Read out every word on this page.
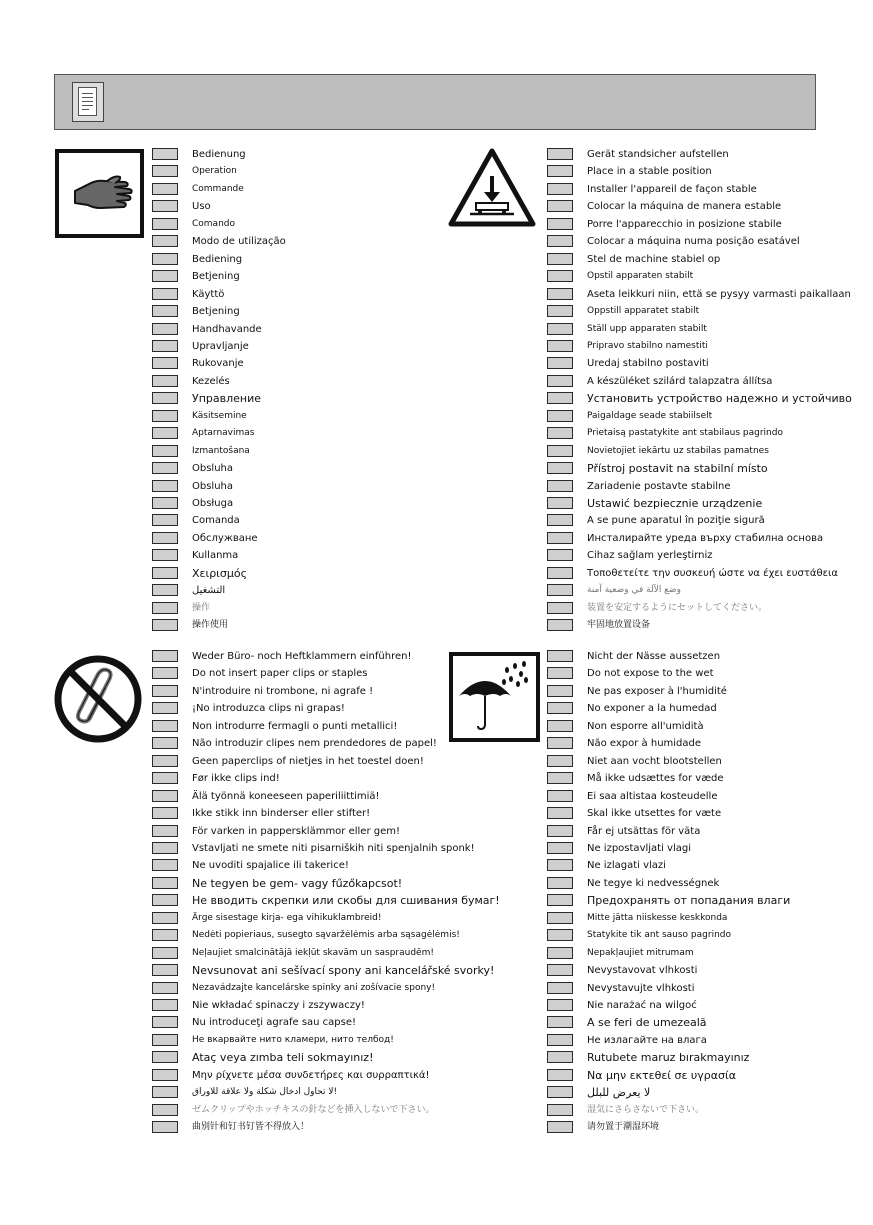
Bedienung
Operation
Commande
Uso
Comando
Modo de utilização
Bediening
Betjening
Käyttö
Betjening
Handhavande
Upravljanje
Rukovanje
Kezelés
Управление
Käsitsemine
Aptarnavimas
Izmantošana
Obsluha
Obsluha
Obsługa
Comanda
Обслужване
Kullanma
Χειρισμός
التشغيل
操作
操作使用
Gerät standsicher aufstellen
Place in a stable position
Installer l'appareil de façon stable
Colocar la máquina de manera estable
Porre l'apparecchio in posizione stabile
Colocar a máquina numa posição esatável
Stel de machine stabiel op
Opstil apparaten stabilt
Aseta leikkuri niin, että se pysyy varmasti paikallaan
Oppstill apparatet stabilt
Ställ upp apparaten stabilt
Pripravo stabilno namestiti
Uredaj stabilno postaviti
A készüléket szilárd talapzatra állítsa
Установить устройство надежно и устойчиво
Paigaldage seade stabiilselt
Prietaisą pastatykite ant stabilaus pagrindo
Novietojiet iekārtu uz stabilas pamatnes
Přístroj postavit na stabilní místo
Zariadenie postavte stabilne
Ustawić bezpiecznie urządzenie
A se pune aparatul în poziţie sigură
Инсталирайте уреда върху стабилна основа
Cihaz sağlam yerleştirniz
Τοποθετείτε την συσκευή ώστε να έχει ευστάθεια
وضع الآلة في وضعية آمنة
装置を安定するようにセットしてください。
牢固地放置设备
Weder Büro- noch Heftklammern einführen!
Do not insert paper clips or staples
N'introduire ni trombone, ni agrafe !
¡No introduzca clips ni grapas!
Non introdurre fermagli o punti metallici!
Não introduzir clipes nem prendedores de papel!
Geen paperclips of nietjes in het toestel doen!
Før ikke clips ind!
Älä työnnä koneeseen paperiliittimiä!
Ikke stikk inn binderser eller stifter!
För varken in pappersklämmor eller gem!
Vstavljati ne smete niti pisarniških niti spenjalnih sponk!
Ne uvoditi spajalice ili takerice!
Ne tegyen be gem- vagy fűzőkapcsot!
Не вводить скрепки или скобы для сшивания бумаг!
Ärge sisestage kirja- ega vihikuklambreid!
Nedėti popieriaus, susegto sąvaržėlėmis arba sąsagėlėmis!
Neļaujiet smalcinātājā iekļūt skavām un saspraudēm!
Nevsunovat ani sešívací spony ani kancelářské svorky!
Nezavádzajte kancelárske spinky ani zošívacie spony!
Nie wkładać spinaczy i zszywaczy!
Nu introduceţi agrafe sau capse!
Не вкарвайте нито кламери, нито телбод!
Ataç veya zımba teli sokmayınız!
Μην ρίχνετε μέσα συνδετήρες και συρραπτικά!
لا تحاول ادخال شكلة ولا علاقة للاوراق!
ゼムクリップやホッチキスの針などを挿入しないで下さい。
曲别针和钉书钉皆不得放入！
Nicht der Nässe aussetzen
Do not expose to the wet
Ne pas exposer à l'humidité
No exponer a la humedad
Non esporre all'umidità
Não expor à humidade
Niet aan vocht blootstellen
Må ikke udsættes for væde
Ei saa altistaa kosteudelle
Skal ikke utsettes for væte
Får ej utsättas för väta
Ne izpostavljati vlagi
Ne izlagati vlazi
Ne tegye ki nedvességnek
Предохранять от попадания влаги
Mitte jätta niiskesse keskkonda
Statykite tik ant sauso pagrindo
Nepakļaujiet mitrumam
Nevystavovat vlhkosti
Nevystavujte vlhkosti
Nie narażać na wilgoć
A se feri de umezeală
Не излагайте на влага
Rutubete maruz bırakmayınız
Να μην εκτεθεί σε υγρασία
لا يعرض للبلل
湿気にさらさないで下さい。
请勿置于潮湿环境
